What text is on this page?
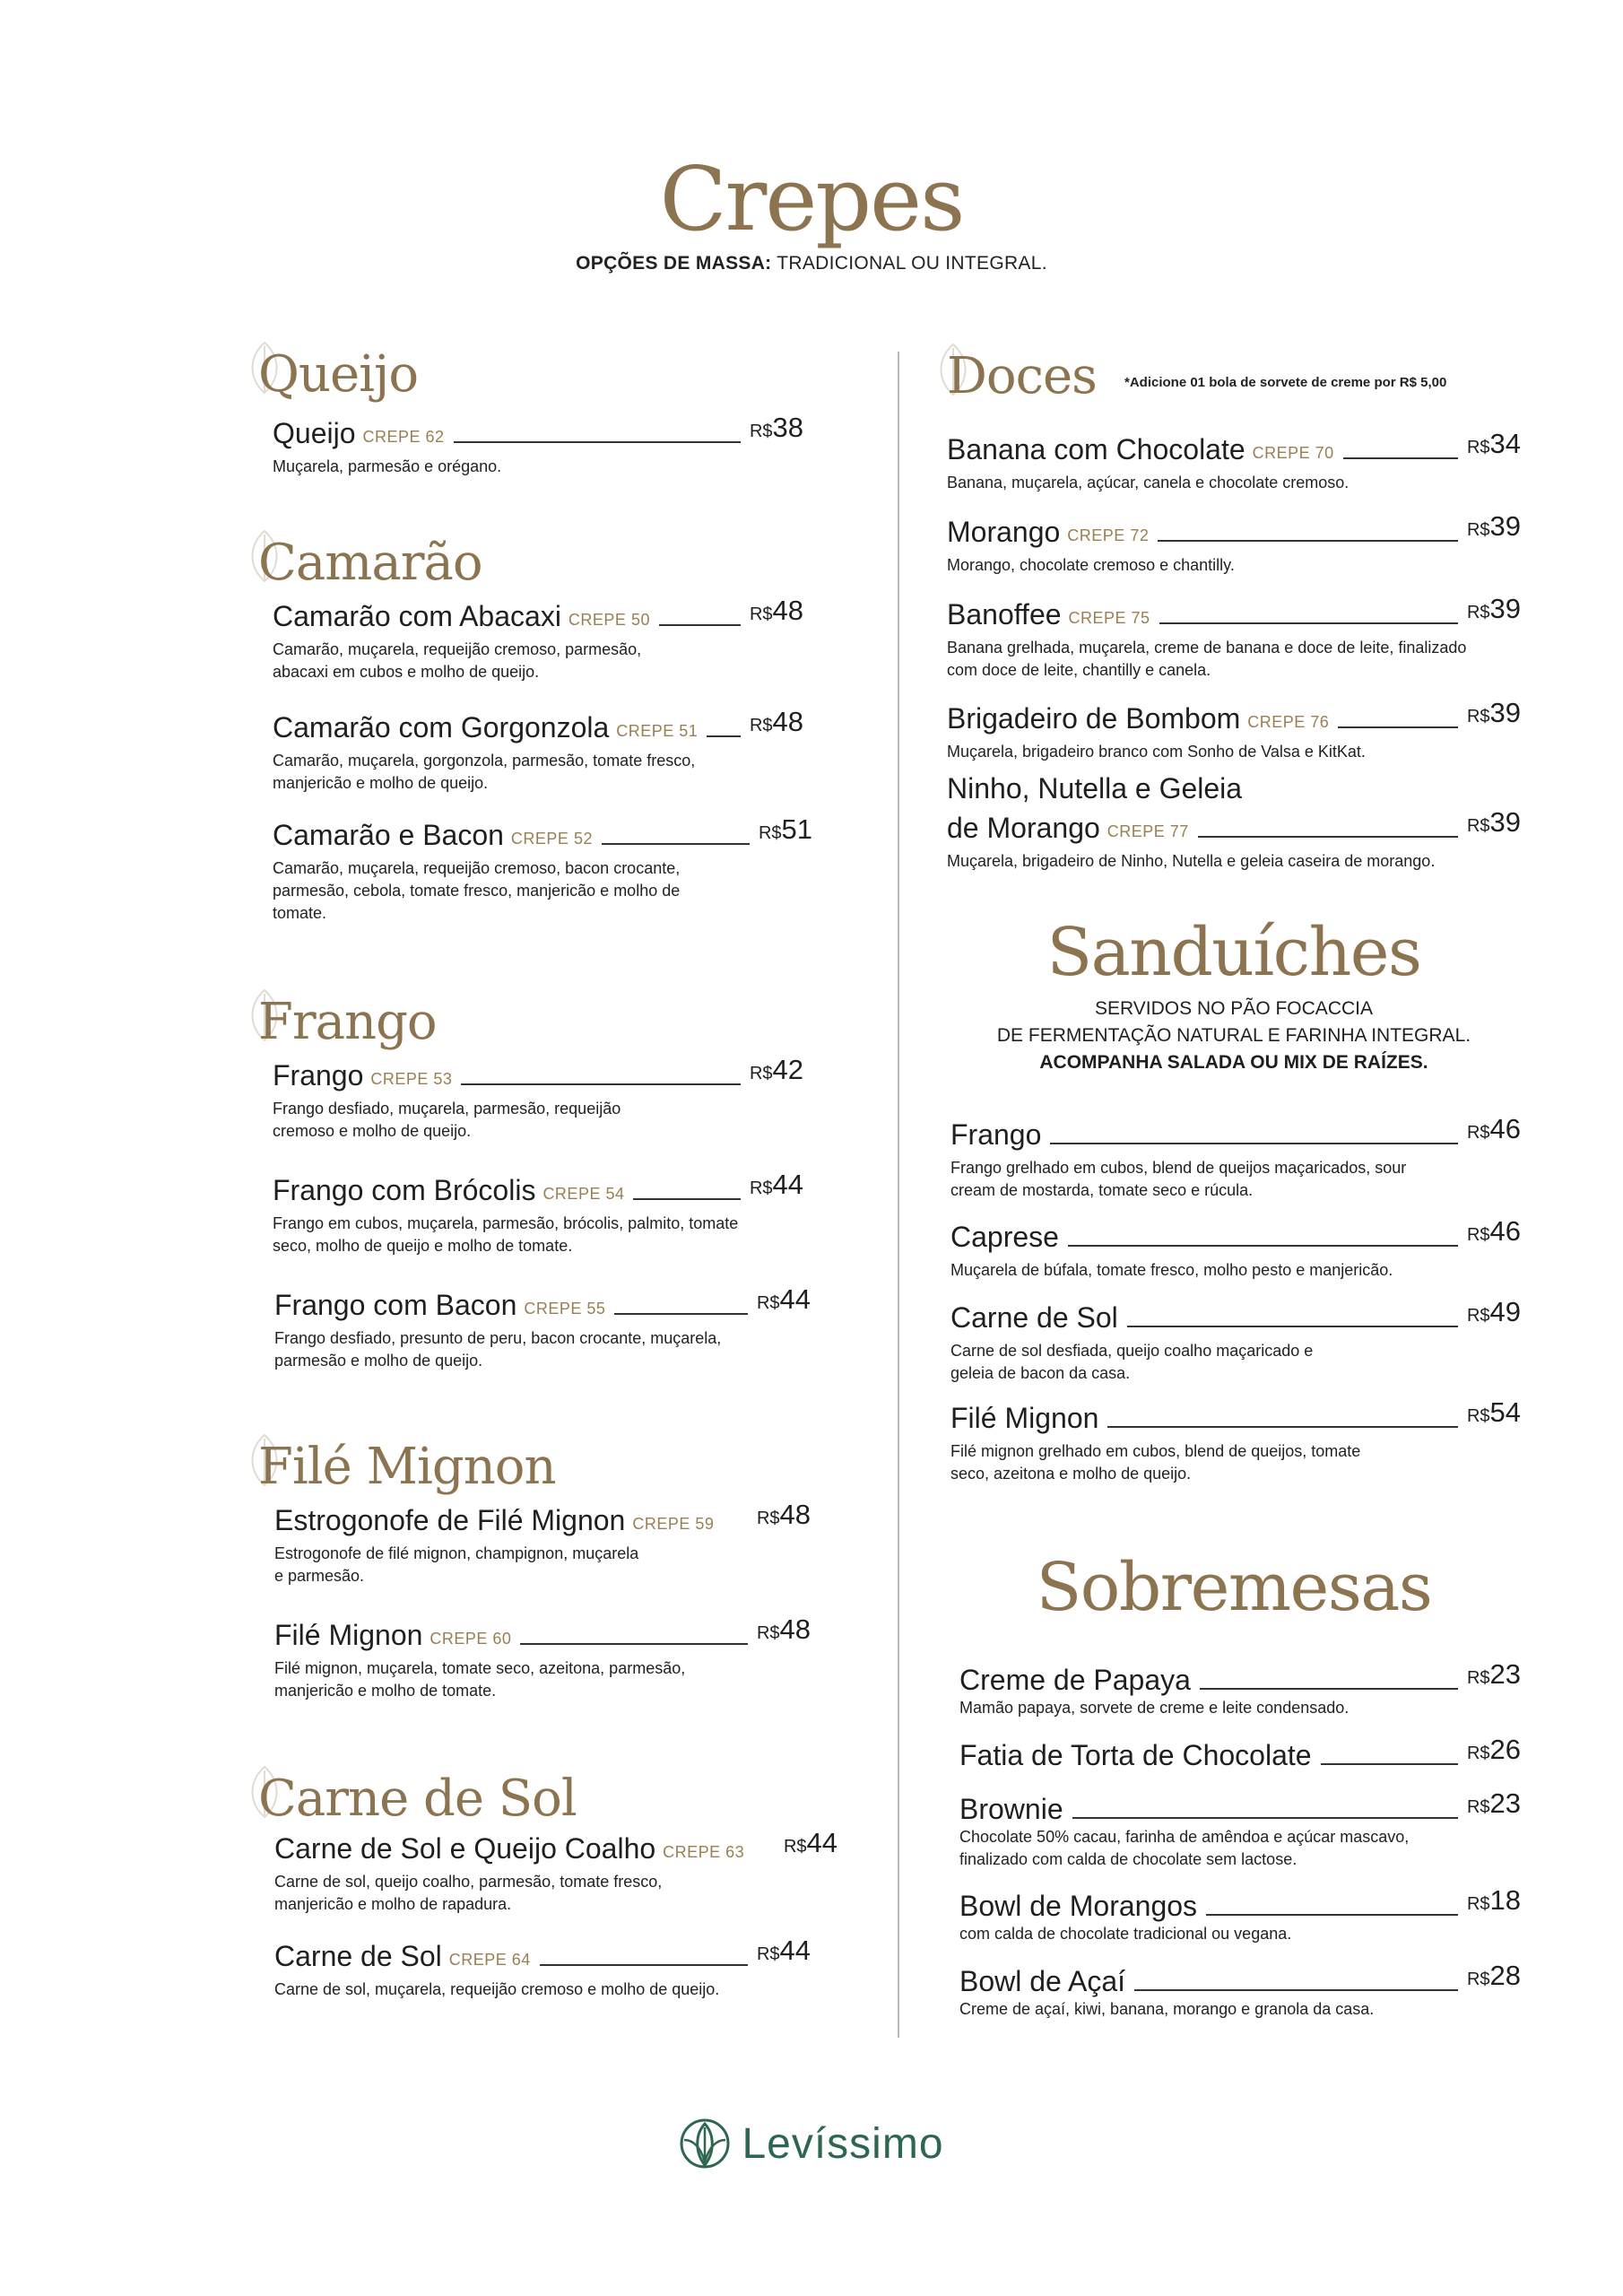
Crepes
OPÇÕES DE MASSA: TRADICIONAL OU INTEGRAL.
Queijo
Queijo CREPE 62	R$38
Muçarela, parmesão e orégano.
Camarão
Camarão com Abacaxi CREPE 50	R$48
Camarão, muçarela, requeijão cremoso, parmesão, abacaxi em cubos e molho de queijo.
Camarão com Gorgonzola CREPE 51	R$48
Camarão, muçarela, gorgonzola, parmesão, tomate fresco, manjericão e molho de queijo.
Camarão e Bacon CREPE 52	R$51
Camarão, muçarela, requeijão cremoso, bacon crocante, parmesão, cebola, tomate fresco, manjericão e molho de tomate.
Frango
Frango CREPE 53	R$42
Frango desfiado, muçarela, parmesão, requeijão cremoso e molho de queijo.
Frango com Brócolis CREPE 54	R$44
Frango em cubos, muçarela, parmesão, brócolis, palmito, tomate seco, molho de queijo e molho de tomate.
Frango com Bacon CREPE 55	R$44
Frango desfiado, presunto de peru, bacon crocante, muçarela, parmesão e molho de queijo.
Filé Mignon
Estrogonofe de Filé Mignon CREPE 59 R$48
Estrogonofe de filé mignon, champignon, muçarela e parmesão.
Filé Mignon CREPE 60	R$48
Filé mignon, muçarela, tomate seco, azeitona, parmesão, manjericão e molho de tomate.
Carne de Sol
Carne de Sol e Queijo Coalho CREPE 63 R$44
Carne de sol, queijo coalho, parmesão, tomate fresco, manjericão e molho de rapadura.
Carne de Sol CREPE 64	R$44
Carne de sol, muçarela, requeijão cremoso e molho de queijo.
Doces *Adicione 01 bola de sorvete de creme por R$ 5,00
Banana com Chocolate CREPE 70	R$34
Banana, muçarela, açúcar, canela e chocolate cremoso.
Morango CREPE 72	R$39
Morango, chocolate cremoso e chantilly.
Banoffee CREPE 75	R$39
Banana grelhada, muçarela, creme de banana e doce de leite, finalizado com doce de leite, chantilly e canela.
Brigadeiro de Bombom CREPE 76	R$39
Muçarela, brigadeiro branco com Sonho de Valsa e KitKat.
Ninho, Nutella e Geleia
de Morango CREPE 77	R$39
Muçarela, brigadeiro de Ninho, Nutella e geleia caseira de morango.
Sanduíches
SERVIDOS NO PÃO FOCACCIA
DE FERMENTAÇÃO NATURAL E FARINHA INTEGRAL.
ACOMPANHA SALADA OU MIX DE RAÍZES.
Frango	R$46
Frango grelhado em cubos, blend de queijos maçaricados, sour cream de mostarda, tomate seco e rúcula.
Caprese	R$46
Muçarela de búfala, tomate fresco, molho pesto e manjericão.
Carne de Sol	R$49
Carne de sol desfiada, queijo coalho maçaricado e geleia de bacon da casa.
Filé Mignon	R$54
Filé mignon grelhado em cubos, blend de queijos, tomate seco, azeitona e molho de queijo.
Sobremesas
Creme de Papaya	R$23
Mamão papaya, sorvete de creme e leite condensado.
Fatia de Torta de Chocolate	R$26
Brownie	R$23
Chocolate 50% cacau, farinha de amêndoa e açúcar mascavo, finalizado com calda de chocolate sem lactose.
Bowl de Morangos	R$18
com calda de chocolate tradicional ou vegana.
Bowl de Açaí	R$28
Creme de açaí, kiwi, banana, morango e granola da casa.
Levíssimo
